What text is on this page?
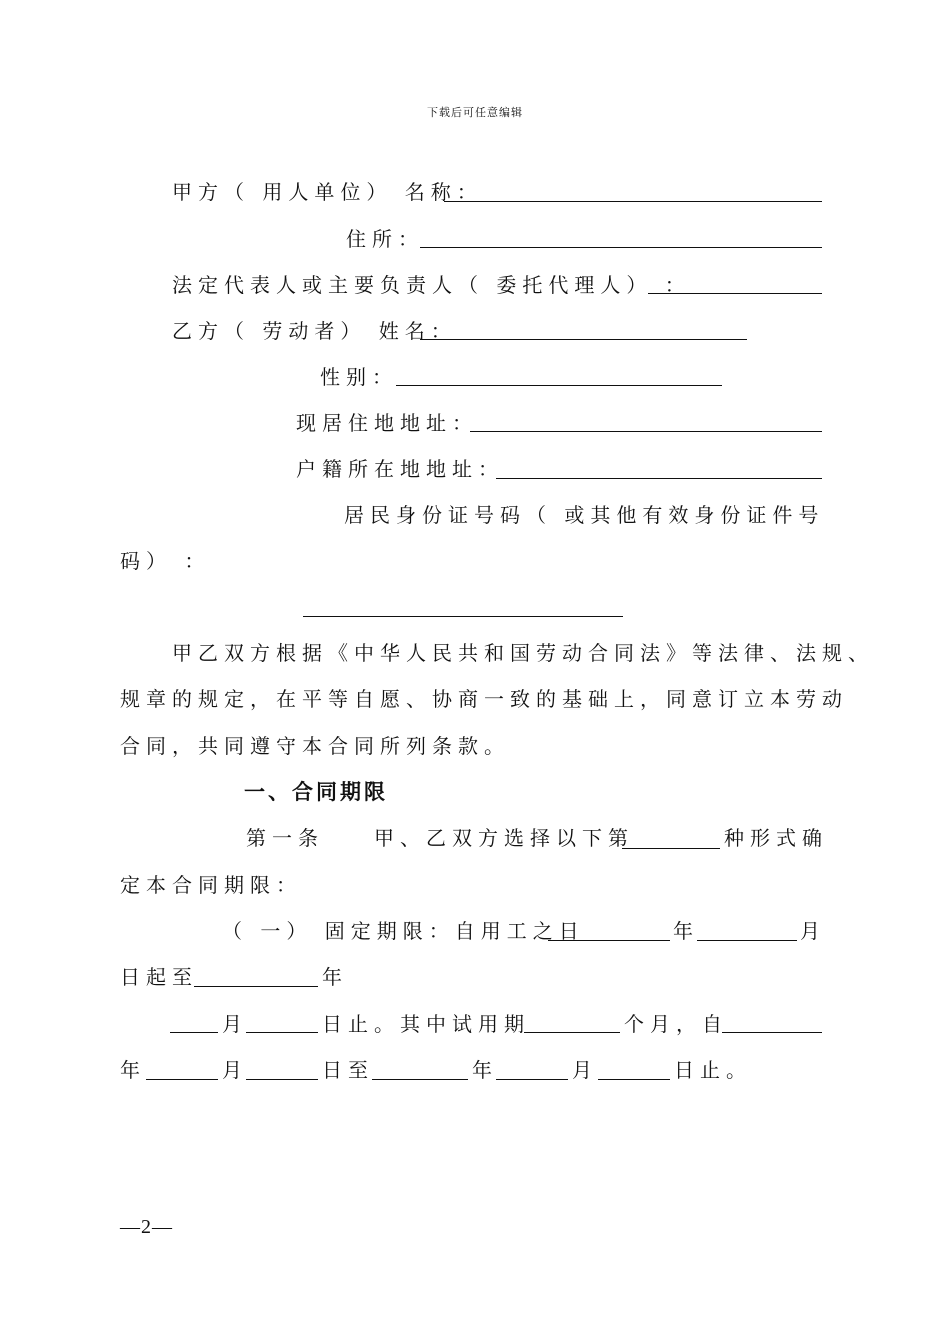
下载后可任意编辑
甲方（ 用人单位） 名称：
住所：
法定代表人或主要负责人（ 委托代理人） ：
乙方（ 劳动者） 姓名：
性别：
现居住地地址：
户籍所在地地址：
居民身份证号码（ 或其他有效身份证件号
码） ：
甲乙双方根据《中华人民共和国劳动合同法》等法律、法规、
规章的规定，在平等自愿、协商一致的基础上，同意订立本劳动
合同，共同遵守本合同所列条款。
一、合同期限
第一条	甲、乙双方选择以下第	种形式确
定本合同期限：
（ 一） 固定期限：自用工之日	年	月
日起至	年
月	日止。其中试用期	个月，自
年	月	日至	年	月	日止。
—2—
